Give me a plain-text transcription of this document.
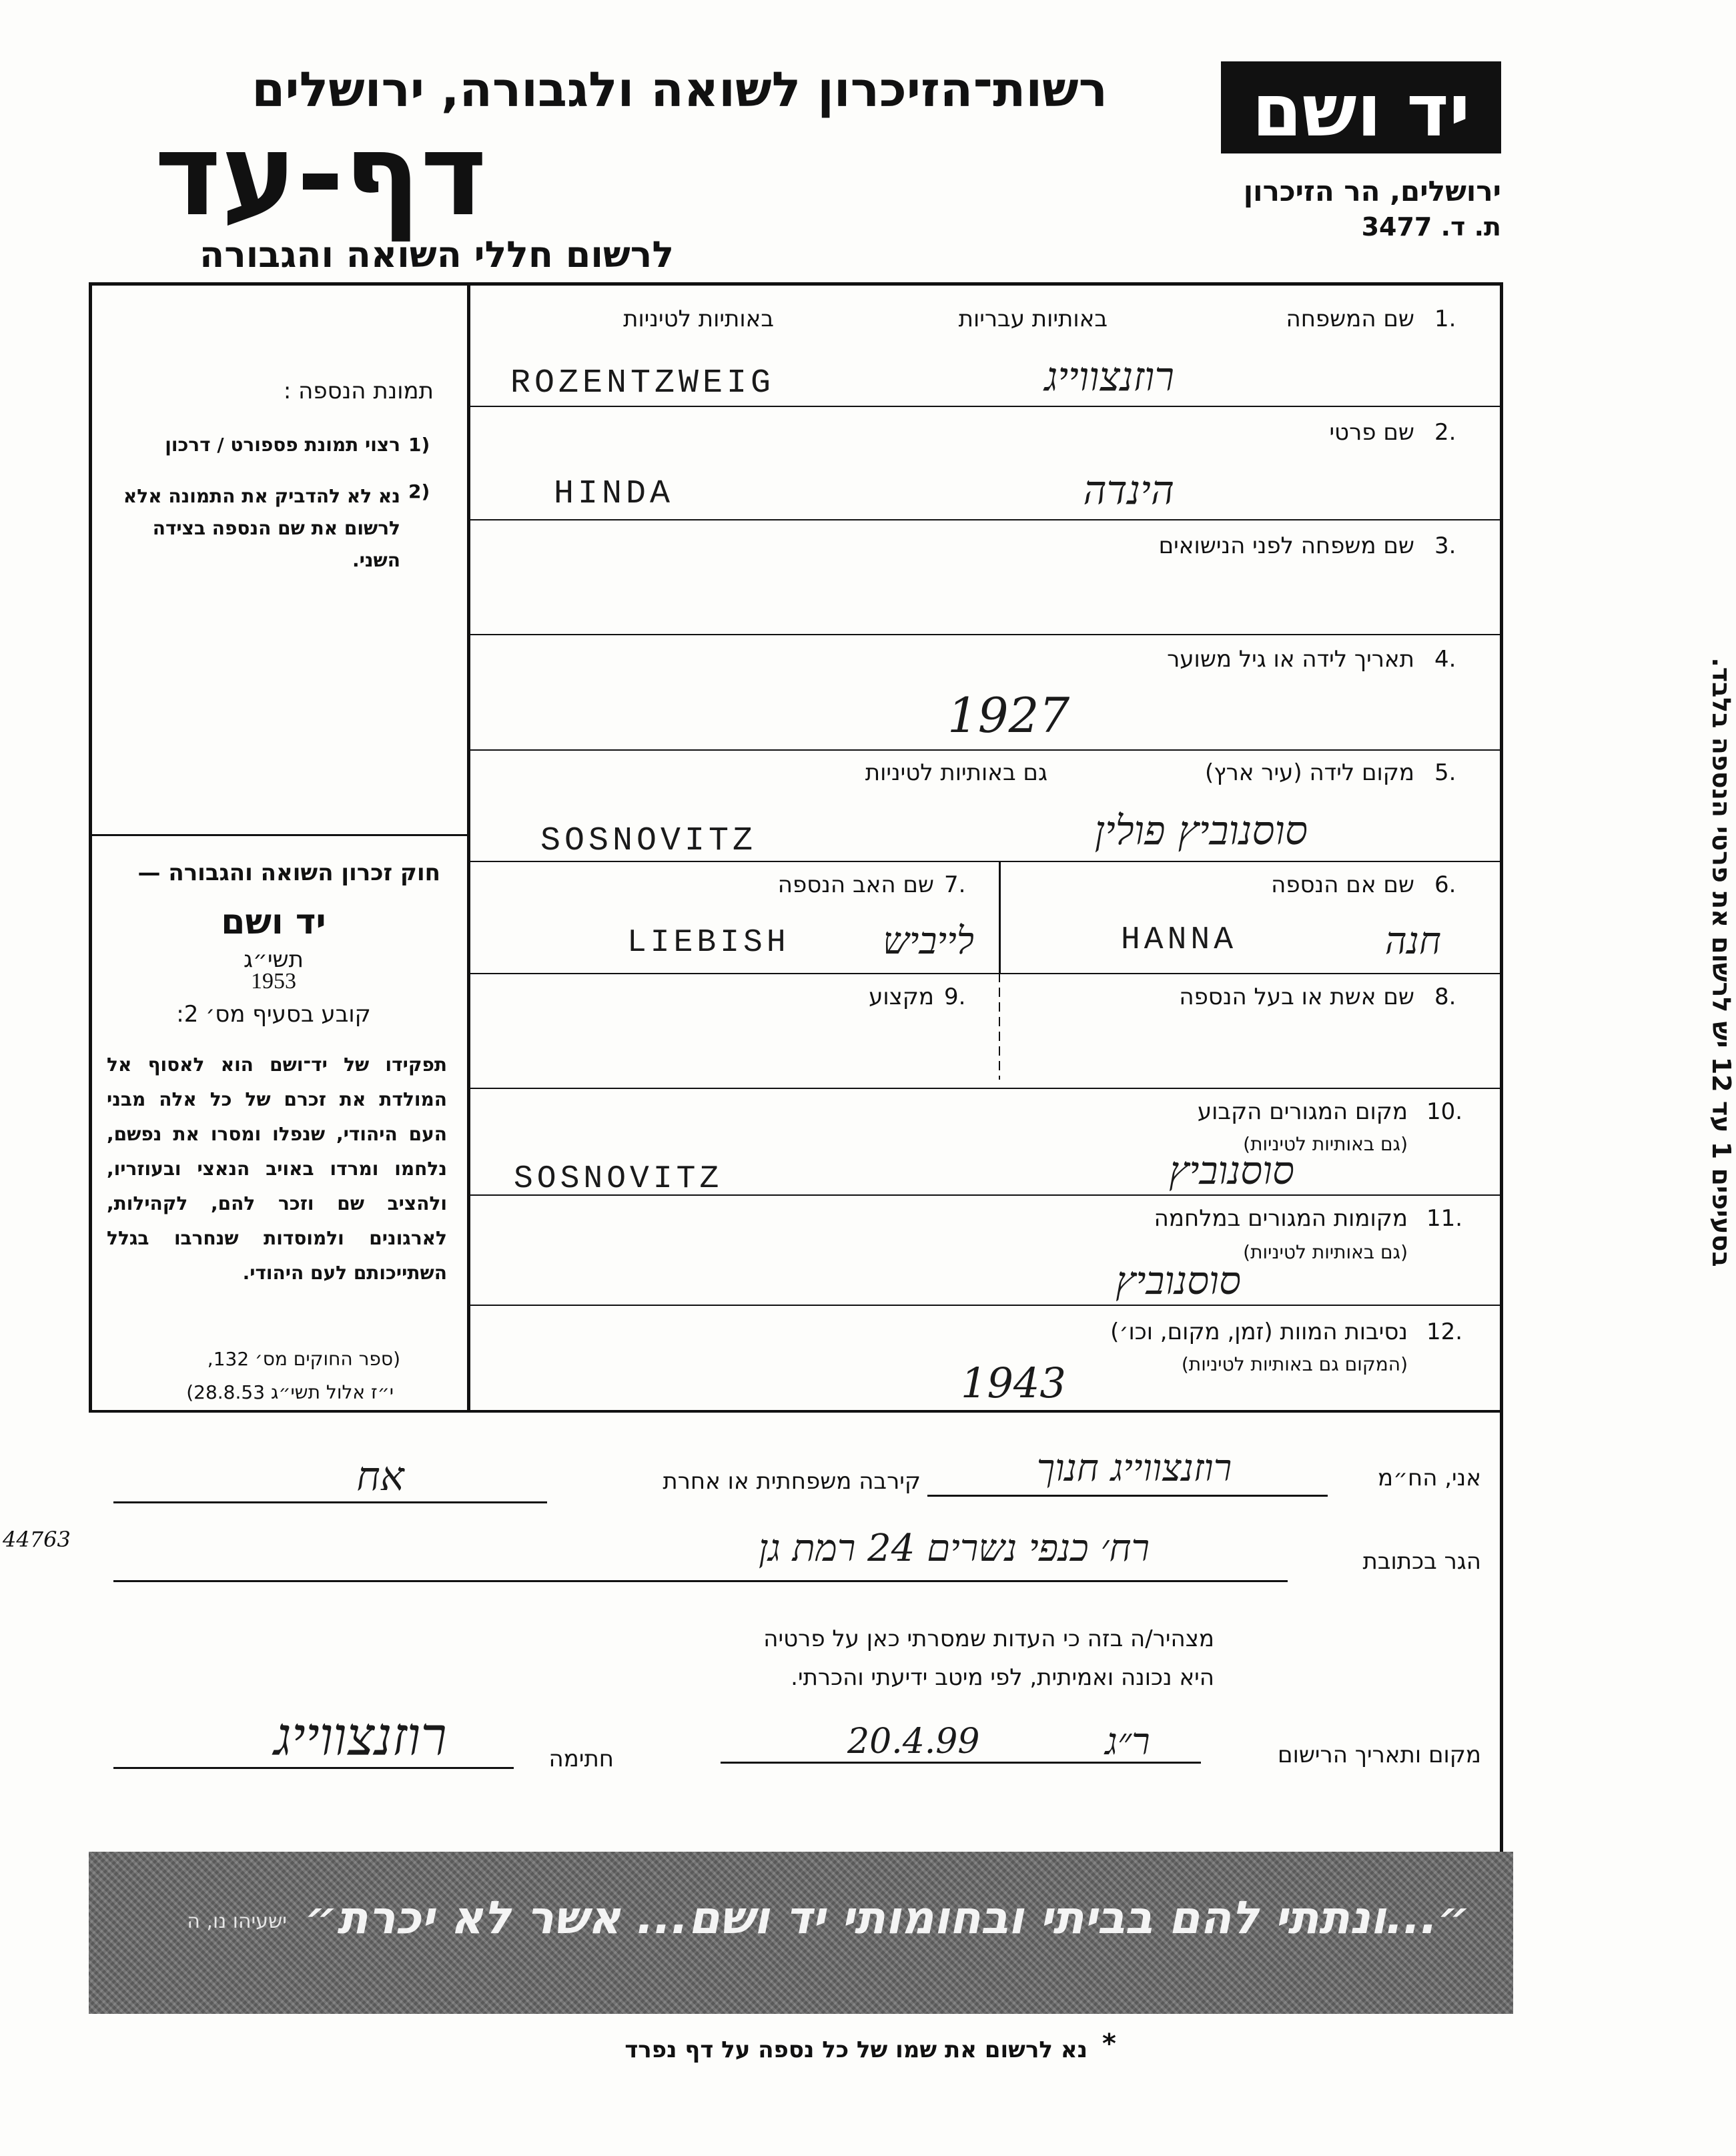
רשות־הזיכרון לשואה ולגבורה, ירושלים
דף-עד
לרשום חללי השואה והגבורה
יד ושם
ירושלים, הר הזיכרון
ת. ד. 3477
1.
שם המשפחה
באותיות עבריות
באותיות לטיניות
רוזנצווייג
ROZENTZWEIG
2.
שם פרטי
הינדה
HINDA
3.
שם משפחה לפני הנישואים
4.
תאריך לידה או גיל משוער
1927
5.
מקום לידה (עיר ארץ)
גם באותיות לטיניות
סוסנוביץ פולין
SOSNOVITZ
6.
שם אם הנספה
חנה
HANNA
7.
שם האב הנספה
לייביש
LIEBISH
8.
שם אשת או בעל הנספה
9.
מקצוע
10.
מקום המגורים הקבוע
(גם באותיות לטיניות)
סוסנוביץ
SOSNOVITZ
11.
מקומות המגורים במלחמה
(גם באותיות לטיניות)
סוסנוביץ
12.
נסיבות המוות (זמן, מקום, וכו׳)
(המקום גם באותיות לטיניות)
1943
תמונת הנספה :
1)
רצוי תמונת פספורט / דרכון
2)
נא לא להדביק את התמונה אלא לרשום את שם הנספה בצידה השני.
חוק זכרון השואה והגבורה —
יד ושם
תשי״ג
1953
קובע בסעיף מס׳ 2:
תפקידו של יד־ושם הוא לאסוף אל המולדת את זכרם של כל אלה מבני העם היהודי, שנפלו ומסרו את נפשם, נלחמו ומרדו באויב הנאצי ובעוזריו, ולהציב שם וזכר להם, לקהילות, לארגונים ולמוסדות שנחרבו בגלל השתייכותם לעם היהודי.
(ספר החוקים מס׳ 132,
י״ז אלול תשי״ג 28.8.53)
בסעיפים 1 עד 12 יש לרשום את פרטי הנספה בלבד.
44763
אני, הח״מ
רוזנצווייג חנוך
קירבה משפחתית או אחרת
אח
הגר בכתובת
רח׳ כנפי נשרים 24 רמת גן
מצהיר/ה בזה כי העדות שמסרתי כאן על פרטיה
היא נכונה ואמיתית, לפי מיטב ידיעתי והכרתי.
מקום ותאריך הרישום
ר״ג
20.4.99
חתימה
רוזנצווייג
״...ונתתי להם בביתי ובחומותי יד ושם... אשר לא יכרת״
ישעיהו נו, ה
*
נא לרשום את שמו של כל נספה על דף נפרד
